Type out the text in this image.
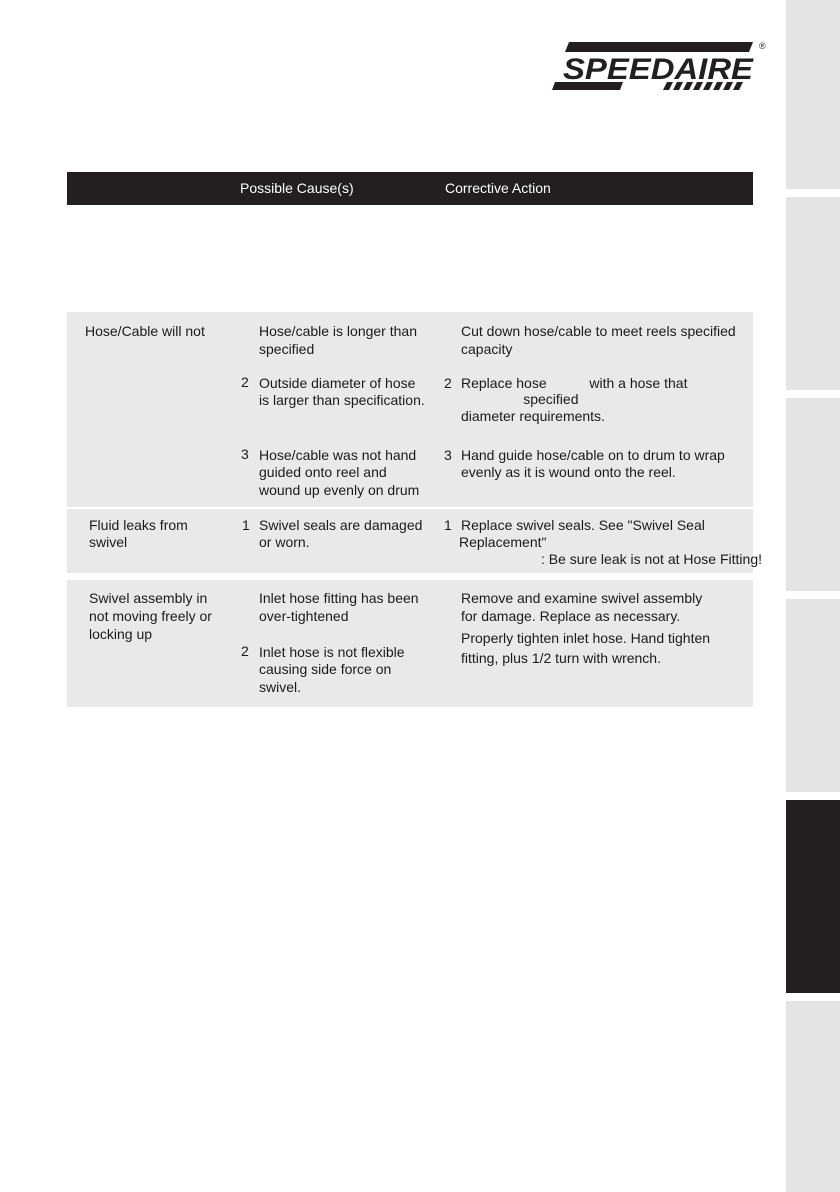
SPEEDAIRE
®
Possible Cause(s)	Corrective Action
Hose/Cable will not	Hose/cable is longer than
specified
2 Outside diameter of hose
is larger than specification.
3 Hose/cable was not hand
guided onto reel and
wound up evenly on drum
Cut down hose/cable to meet reels specified
capacity
2 Replace hose           with a hose that
specified
diameter requirements.
3 Hand guide hose/cable on to drum to wrap
evenly as it is wound onto the reel.
Fluid leaks from
swivel
1 Swivel seals are damaged
or worn.
1 Replace swivel seals. See "Swivel Seal
Replacement"
: Be sure leak is not at Hose Fitting!
Swivel assembly in
not moving freely or
locking up
Inlet hose fitting has been
over-tightened
2 Inlet hose is not flexible
causing side force on
swivel.
Remove and examine swivel assembly
for damage. Replace as necessary.
Properly tighten inlet hose. Hand tighten
fitting, plus 1/2 turn with wrench.
